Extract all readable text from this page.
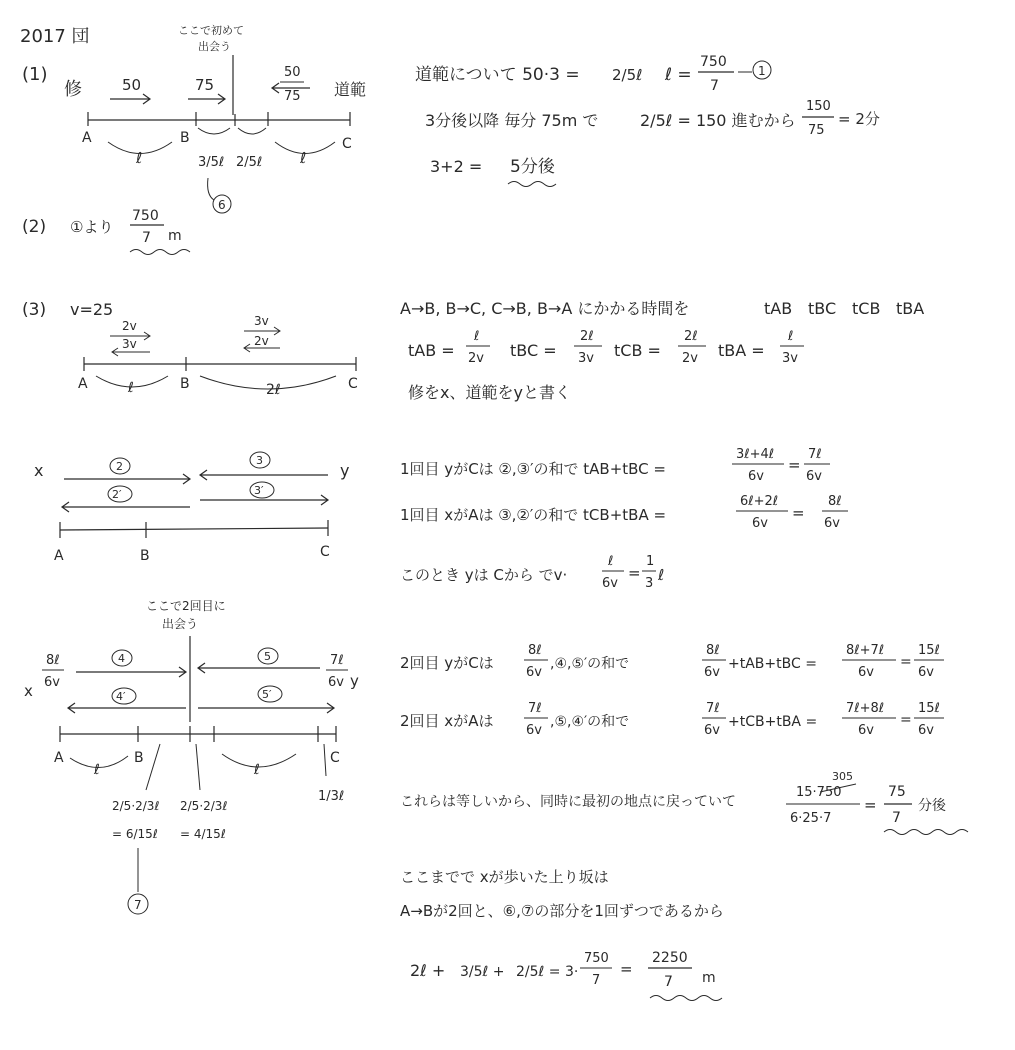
2017 団
(1)
修	道範
ここで初めて
出会う
50	75
50
75
A	B	C
ℓ	ℓ
3/5ℓ 2/5ℓ
6
道範について 50·3 = 2/5ℓ ℓ =
750
7
1
3分後以降 毎分 75m で	2/5ℓ = 150 進むから
150
75
= 2分
3+2 = 5分後
(2) ①より
750
7 m
(3) v=25
2v
3v
3v
2v
A	B	C
ℓ	2ℓ
A→B, B→C, C→B, B→A にかかる時間を	tAB tBC tCB tBA
tAB =
ℓ
2v tBC =
2ℓ
3v tCB =
2ℓ
2v tBA =
ℓ
3v
修をx、道範をyと書く
x	y
2	3
2′	3′
A	B	C
1回目 yがCは ②,③′の和で tAB+tBC =
3ℓ+4ℓ
6v
=
7ℓ
6v
1回目 xがAは ③,②′の和で tCB+tBA =
6ℓ+2ℓ
6v
=
8ℓ
6v
このとき yは Cから でv·
ℓ
6v
=
1
3 ℓ
ここで2回目に
出会う
8ℓ
6v
x
7ℓ
6v y
4	5
4′	5′
A	B	C
ℓ	ℓ
1/3ℓ
2/5·2/3ℓ
= 6/15ℓ
2/5·2/3ℓ
= 4/15ℓ
7
2回目 yがCは
8ℓ
6v
,④,⑤′の和で
8ℓ
6v
+tAB+tBC =
8ℓ+7ℓ
6v
=
15ℓ
6v
2回目 xがAは
7ℓ
6v
,⑤,④′の和で
7ℓ
6v
+tCB+tBA =
7ℓ+8ℓ
6v
=
15ℓ
6v
これらは等しいから、同時に最初の地点に戻っていて
305
15·750
6·25·7
=
75
7
分後
ここまでで xが歩いた上り坂は
A→Bが2回と、⑥,⑦の部分を1回ずつであるから
2ℓ + 3/5ℓ + 2/5ℓ = 3·
750
7
=
2250
7 m
